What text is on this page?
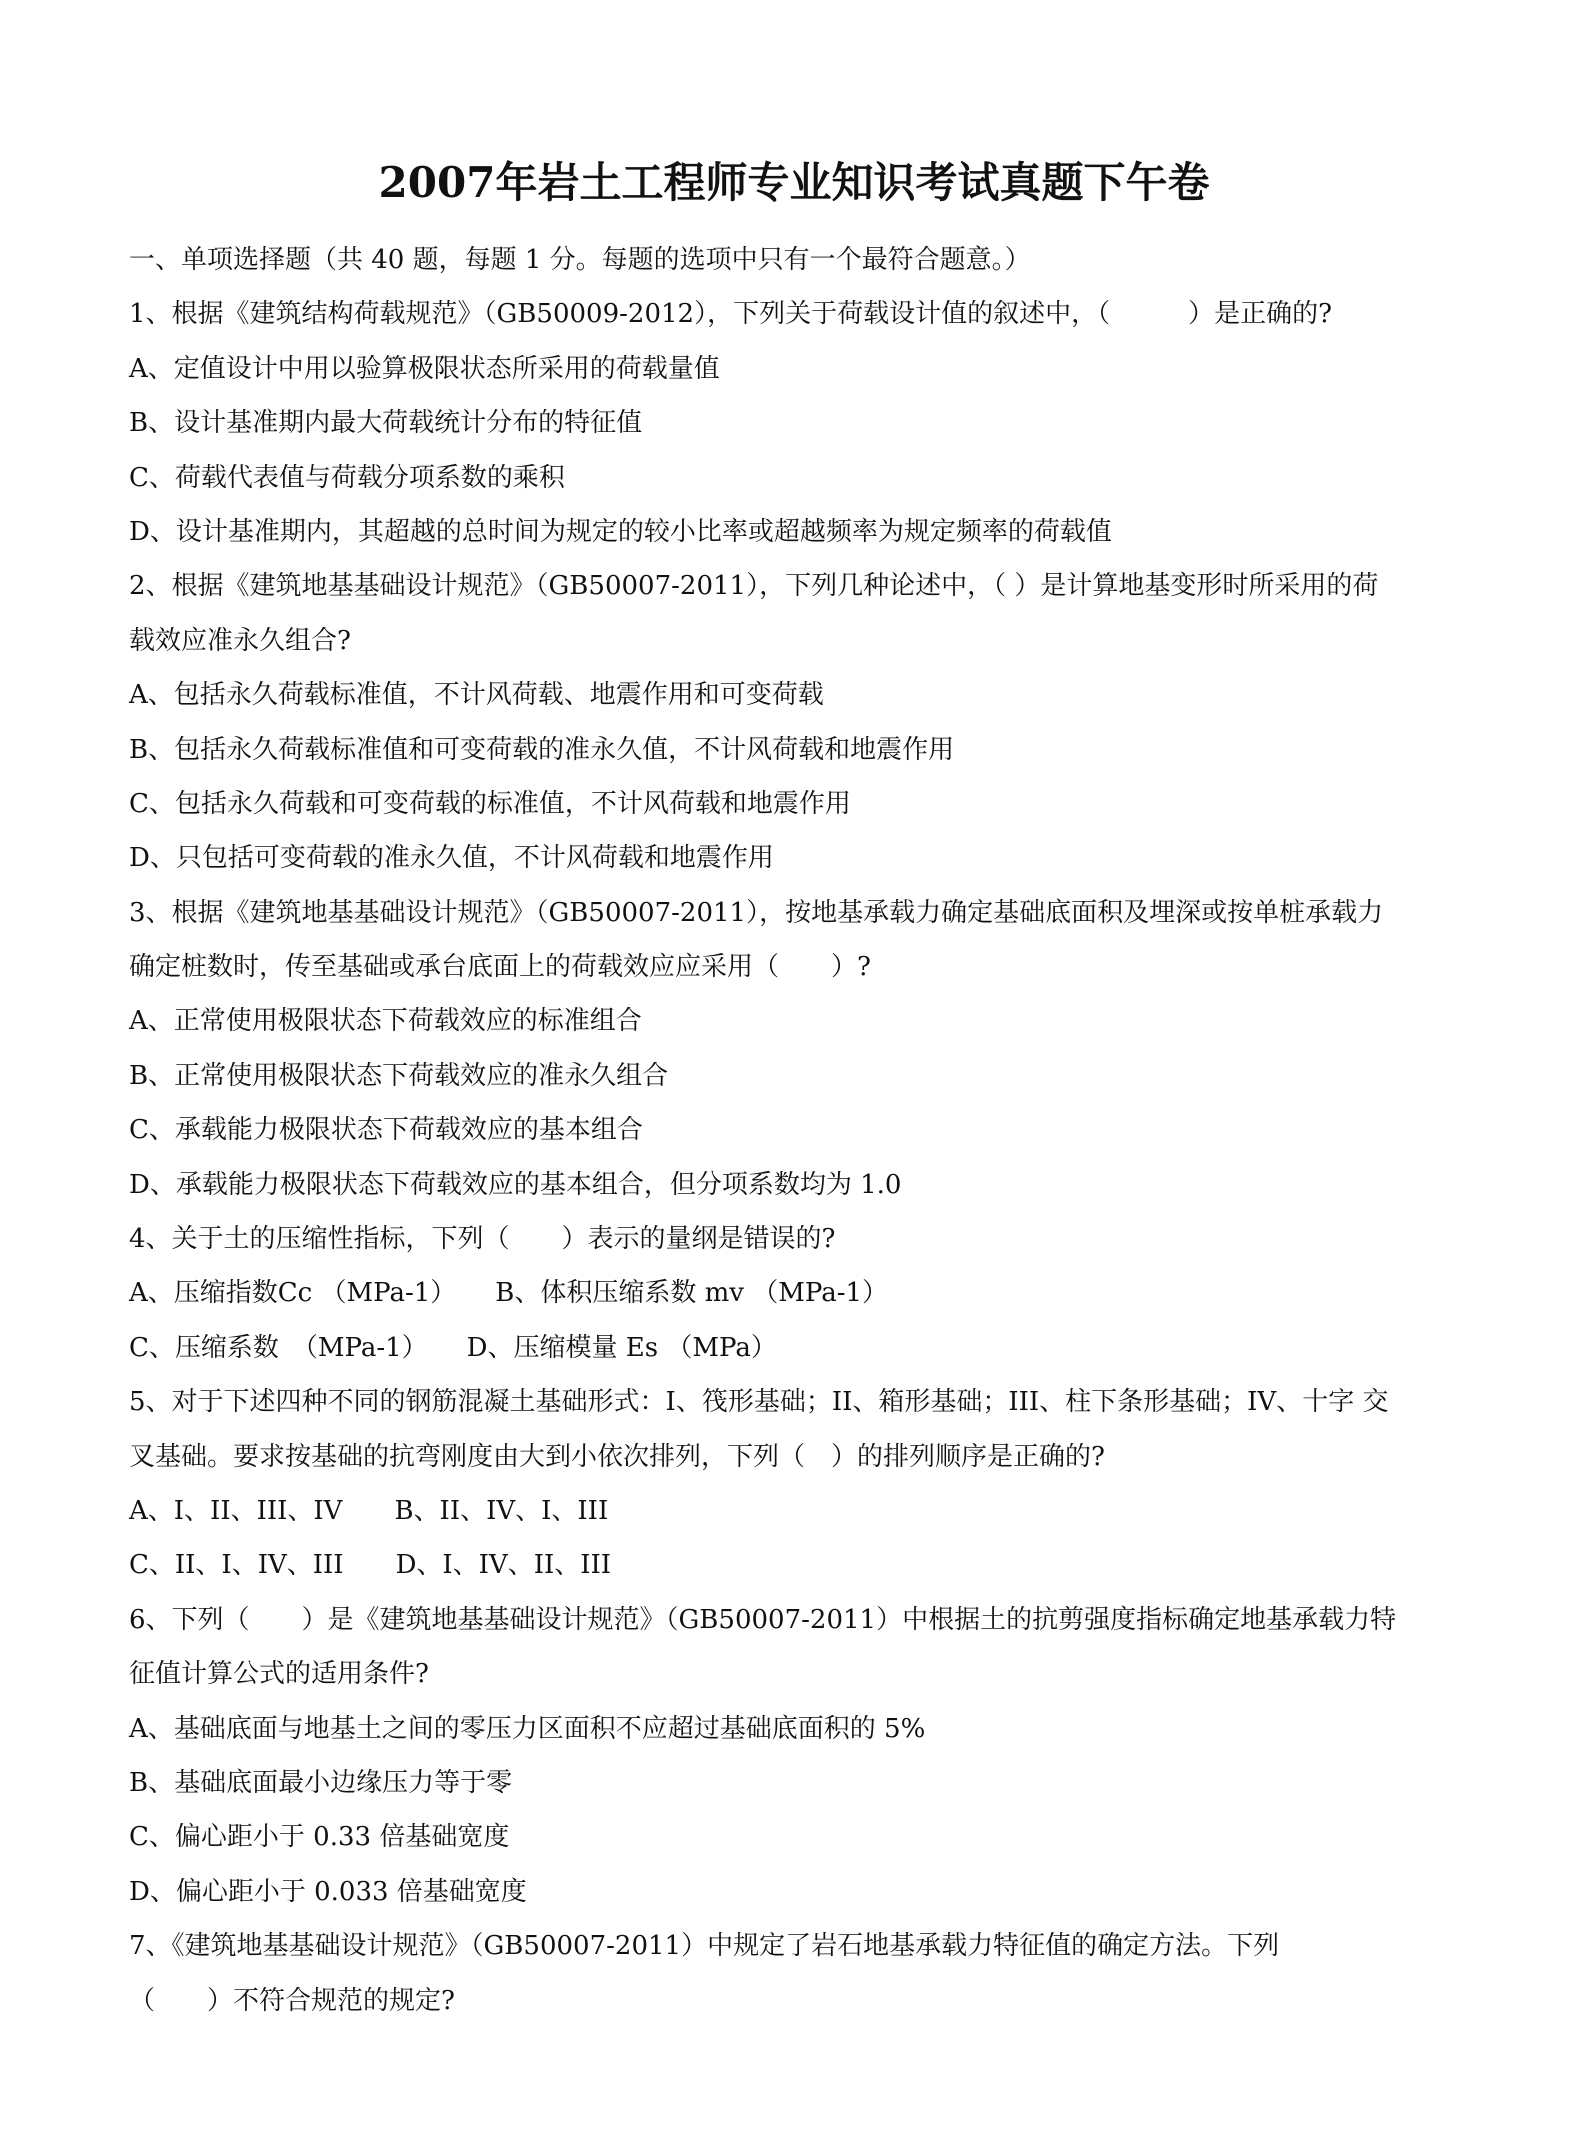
2007年岩土工程师专业知识考试真题下午卷
一、单项选择题（共 40 题，每题 1 分。每题的选项中只有一个最符合题意。）
1、根据《建筑结构荷载规范》（GB50009-2012），下列关于荷载设计值的叙述中，（　　　）是正确的?
A、定值设计中用以验算极限状态所采用的荷载量值
B、设计基准期内最大荷载统计分布的特征值
C、荷载代表值与荷载分项系数的乘积
D、设计基准期内，其超越的总时间为规定的较小比率或超越频率为规定频率的荷载值
2、根据《建筑地基基础设计规范》（GB50007-2011），下列几种论述中，（ ）是计算地基变形时所采用的荷
载效应准永久组合?
A、包括永久荷载标准值，不计风荷载、地震作用和可变荷载
B、包括永久荷载标准值和可变荷载的准永久值，不计风荷载和地震作用
C、包括永久荷载和可变荷载的标准值，不计风荷载和地震作用
D、只包括可变荷载的准永久值，不计风荷载和地震作用
3、根据《建筑地基基础设计规范》（GB50007-2011），按地基承载力确定基础底面积及埋深或按单桩承载力
确定桩数时，传至基础或承台底面上的荷载效应应采用（　　）?
A、正常使用极限状态下荷载效应的标准组合
B、正常使用极限状态下荷载效应的准永久组合
C、承载能力极限状态下荷载效应的基本组合
D、承载能力极限状态下荷载效应的基本组合，但分项系数均为 1.0
4、关于土的压缩性指标，下列（　　）表示的量纲是错误的?
A、压缩指数Cc （MPa-1）　　B、体积压缩系数 mv （MPa-1）
C、压缩系数　（MPa-1）　　D、压缩模量 Es （MPa）
5、对于下述四种不同的钢筋混凝土基础形式：I、筏形基础；II、箱形基础；III、柱下条形基础；IV、十字 交
叉基础。要求按基础的抗弯刚度由大到小依次排列，下列（　）的排列顺序是正确的?
A、I、II、III、IV　　B、II、IV、I、III
C、II、I、IV、III　　D、I、IV、II、III
6、下列（　　）是《建筑地基基础设计规范》（GB50007-2011）中根据土的抗剪强度指标确定地基承载力特
征值计算公式的适用条件?
A、基础底面与地基土之间的零压力区面积不应超过基础底面积的 5%
B、基础底面最小边缘压力等于零
C、偏心距小于 0.33 倍基础宽度
D、偏心距小于 0.033 倍基础宽度
7、《建筑地基基础设计规范》（GB50007-2011）中规定了岩石地基承载力特征值的确定方法。下列
（　　）不符合规范的规定?
